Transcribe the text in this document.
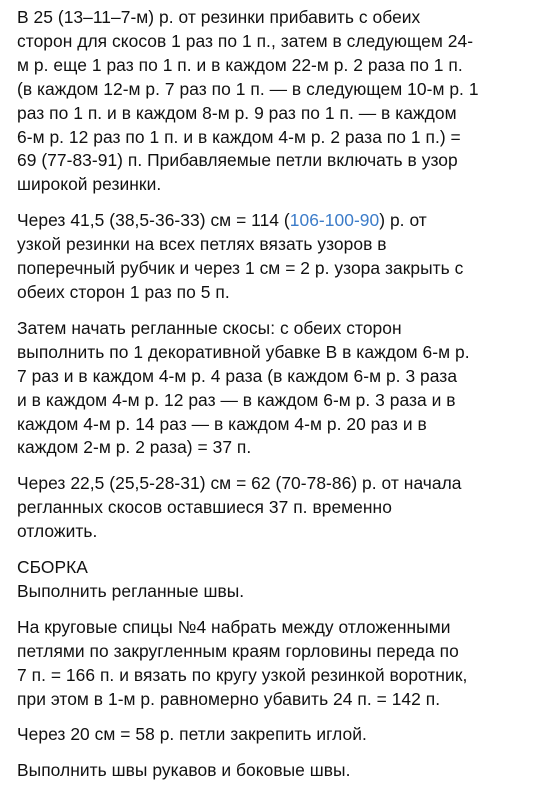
В 25 (13–11–7-м) р. от резинки прибавить с обеих
сторон для скосов 1 раз по 1 п., затем в следующем 24-
м р. еще 1 раз по 1 п. и в каждом 22-м р. 2 раза по 1 п.
(в каждом 12-м р. 7 раз по 1 п. — в следующем 10-м р. 1
раз по 1 п. и в каждом 8-м р. 9 раз по 1 п. — в каждом
6-м р. 12 раз по 1 п. и в каждом 4-м р. 2 раза по 1 п.) =
69 (77-83-91) п. Прибавляемые петли включать в узор
широкой резинки.
Через 41,5 (38,5-36-33) см = 114 (106-100-90) р. от
узкой резинки на всех петлях вязать узоров в
поперечный рубчик и через 1 см = 2 р. узора закрыть с
обеих сторон 1 раз по 5 п.
Затем начать регланные скосы: с обеих сторон
выполнить по 1 декоративной убавке В в каждом 6-м р.
7 раз и в каждом 4-м р. 4 раза (в каждом 6-м р. 3 раза
и в каждом 4-м р. 12 раз — в каждом 6-м р. 3 раза и в
каждом 4-м р. 14 раз — в каждом 4-м р. 20 раз и в
каждом 2-м р. 2 раза) = 37 п.
Через 22,5 (25,5-28-31) см = 62 (70-78-86) р. от начала
регланных скосов оставшиеся 37 п. временно
отложить.
СБОРКА
Выполнить регланные швы.
На круговые спицы №4 набрать между отложенными
петлями по закругленным краям горловины переда по
7 п. = 166 п. и вязать по кругу узкой резинкой воротник,
при этом в 1-м р. равномерно убавить 24 п. = 142 п.
Через 20 см = 58 р. петли закрепить иглой.
Выполнить швы рукавов и боковые швы.
